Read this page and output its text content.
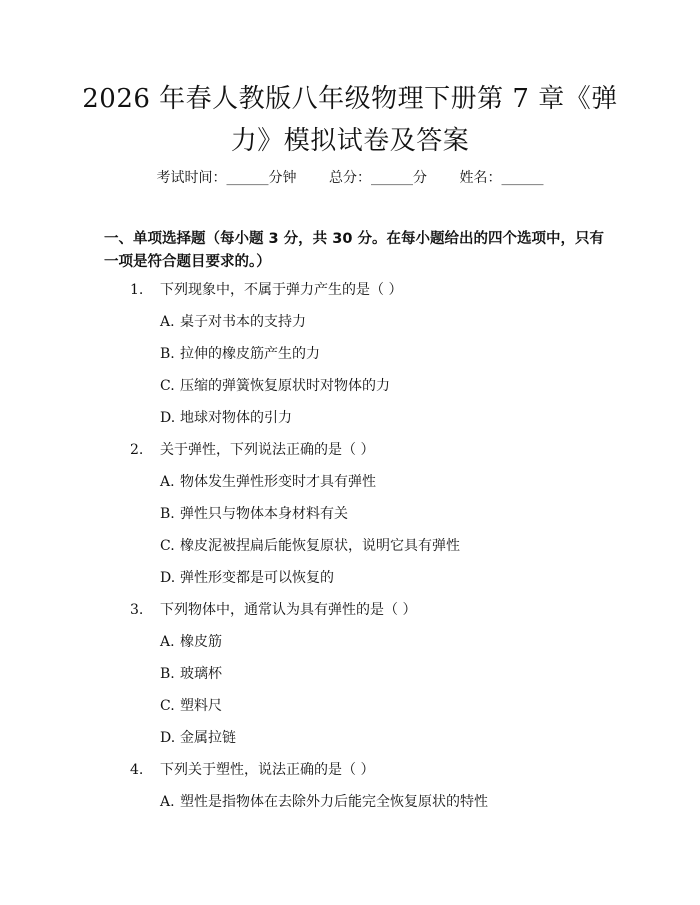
2026 年春人教版八年级物理下册第 7 章《弹
力》模拟试卷及答案
考试时间：______分钟 总分：______分 姓名：______

一、单项选择题（每小题 3 分，共 30 分。在每小题给出的四个选项中，只有一项是符合题目要求的。）

1. 下列现象中，不属于弹力产生的是（ ）
A. 桌子对书本的支持力
B. 拉伸的橡皮筋产生的力
C. 压缩的弹簧恢复原状时对物体的力
D. 地球对物体的引力
2. 关于弹性，下列说法正确的是（ ）
A. 物体发生弹性形变时才具有弹性
B. 弹性只与物体本身材料有关
C. 橡皮泥被捏扁后能恢复原状，说明它具有弹性
D. 弹性形变都是可以恢复的
3. 下列物体中，通常认为具有弹性的是（ ）
A. 橡皮筋
B. 玻璃杯
C. 塑料尺
D. 金属拉链
4. 下列关于塑性，说法正确的是（ ）
A. 塑性是指物体在去除外力后能完全恢复原状的特性
